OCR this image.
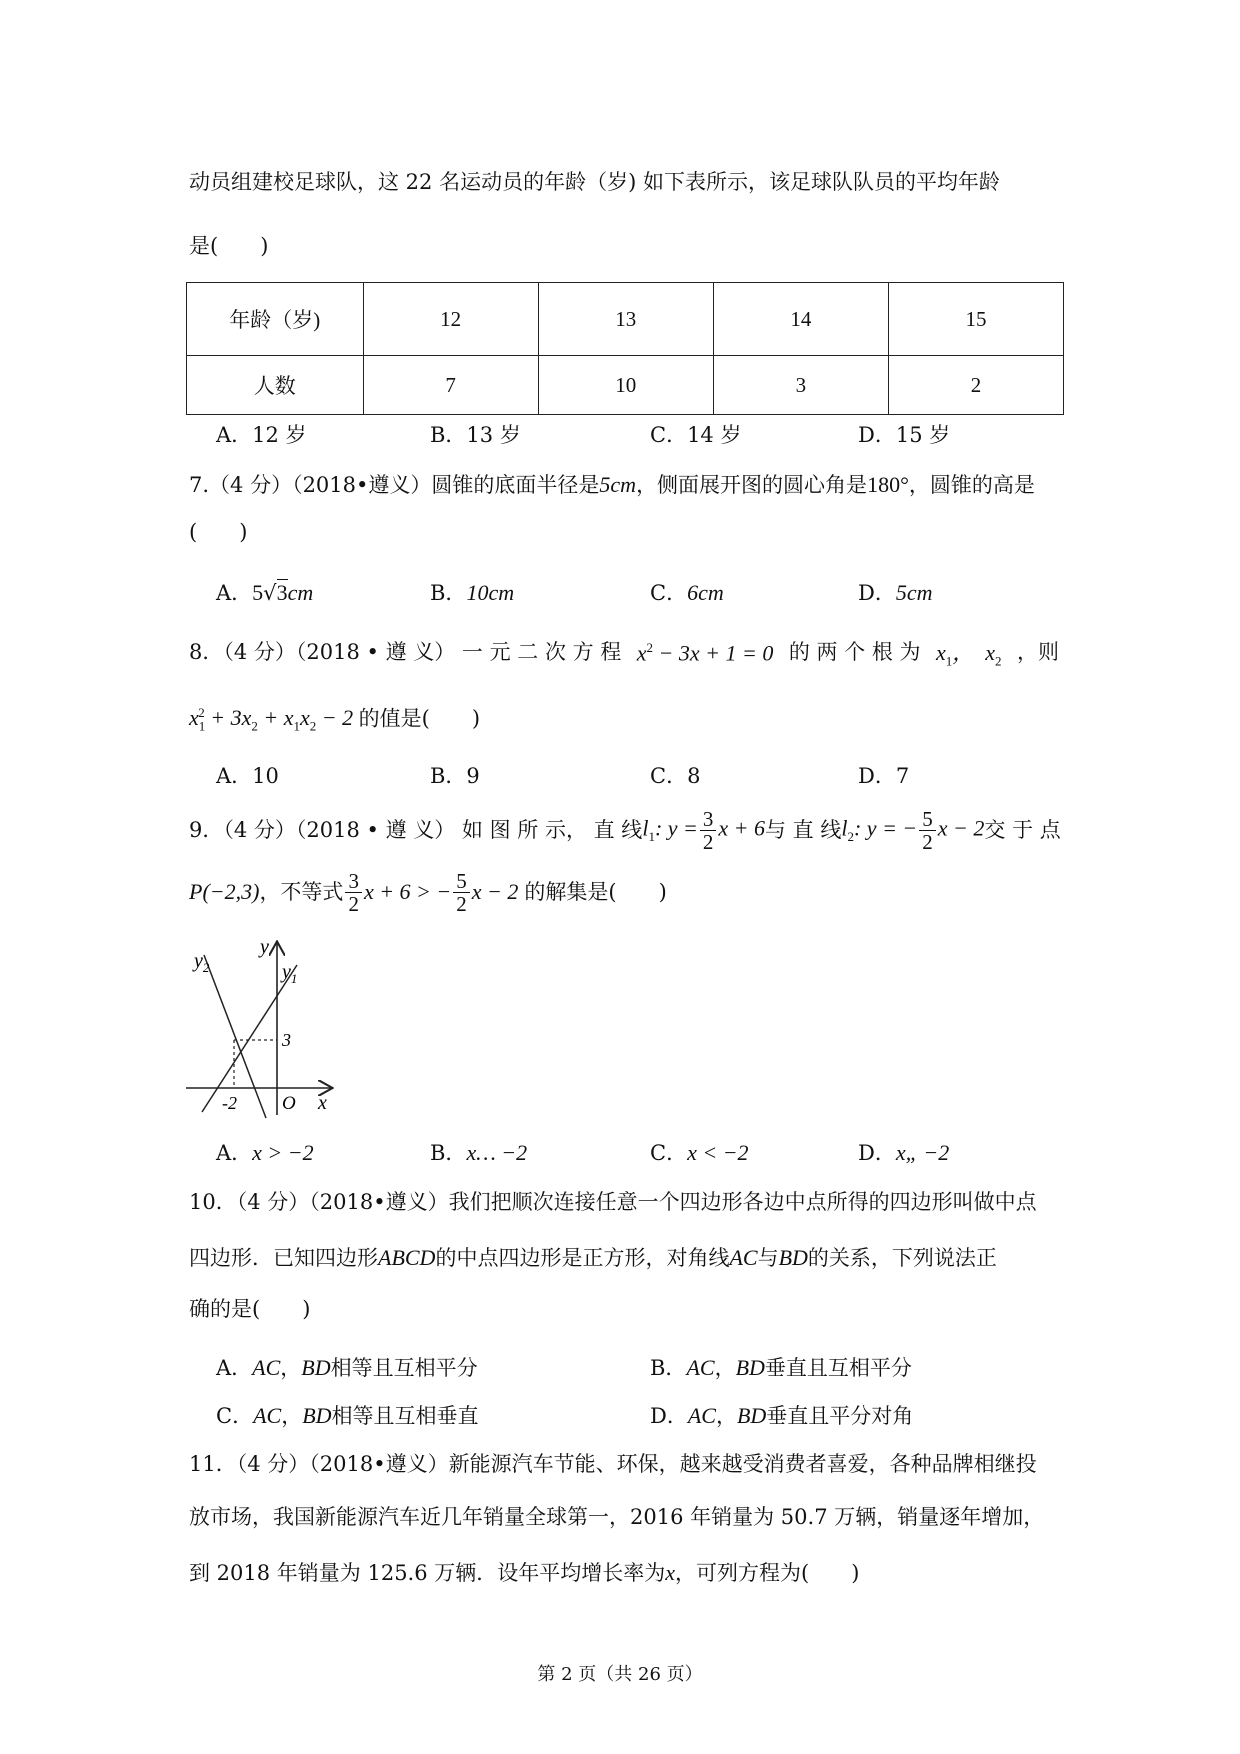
动员组建校足球队，这 22 名运动员的年龄（岁) 如下表所示，该足球队队员的平均年龄
是(　　)
年龄（岁)	12	13	14	15
人数	7	10	3	2
A．12 岁	B．13 岁	C．14 岁	D．15 岁
7.（4 分）（2018•遵义）圆锥的底面半径是5cm，侧面展开图的圆心角是180°，圆锥的高是
(　　)
A．5√3cm	B．10cm	C．6cm	D．5cm
8．（4 分）（2018 • 遵 义） 一 元 二 次 方 程 $x^2 - 3x + 1 = 0$ 的 两 个 根 为 $x_1$，  $x_2$ ，则
$x_1^2 + 3x_2 + x_1x_2 - 2$ 的值是(　　)
A．10	B．9	C．8	D．7
9．（4 分）（2018 • 遵 义） 如 图 所 示， 直 线 $l_1$: $y = \frac{3}{2}$ x + 6 与 直 线 $l_2$: y = − $\frac{5}{2}$ x − 2 交 于 点
P(−2,3) ，不等式 $\frac{3}{2}$ x + 6 > − $\frac{5}{2}$ x − 2 的解集是(　　)
y
x
O
$y_1$
$y_2$
3
-2
A．x > −2	B．x… −2	C．x < −2	D．x„ −2
10．（4 分）（2018•遵义）我们把顺次连接任意一个四边形各边中点所得的四边形叫做中点
四边形．已知四边形ABCD的中点四边形是正方形，对角线AC与BD的关系，下列说法正
确的是(　　)
A．AC，BD相等且互相平分	B．AC，BD垂直且互相平分
C．AC，BD相等且互相垂直	D．AC，BD垂直且平分对角
11．（4 分）（2018•遵义）新能源汽车节能、环保，越来越受消费者喜爱，各种品牌相继投
放市场，我国新能源汽车近几年销量全球第一，2016 年销量为 50.7 万辆，销量逐年增加，
到 2018 年销量为 125.6 万辆．设年平均增长率为x，可列方程为(　　)
第 2 页（共 26 页）
